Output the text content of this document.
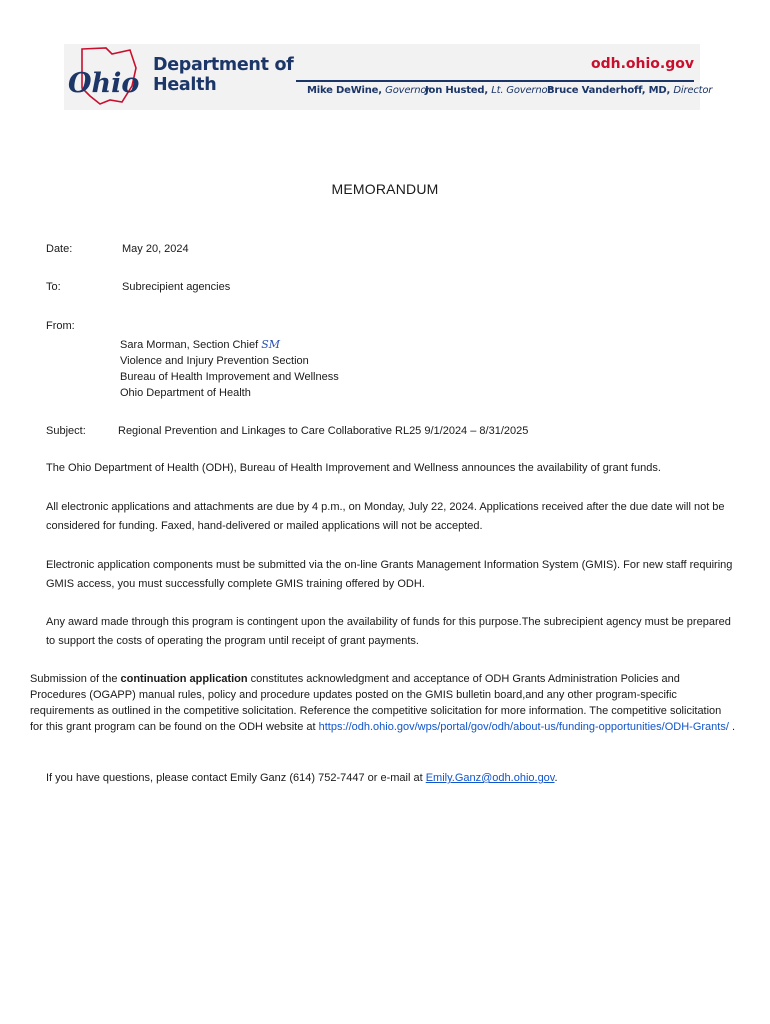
Ohio
Department of
Health
odh.ohio.gov
Mike DeWine, Governor
Jon Husted, Lt. Governor
Bruce Vanderhoff, MD, Director
MEMORANDUM
Date:	May 20, 2024
To:	Subrecipient agencies
From:
Sara Morman, Section Chief SM
Violence and Injury Prevention Section
Bureau of Health Improvement and Wellness
Ohio Department of Health
Subject:	Regional Prevention and Linkages to Care Collaborative RL25 9/1/2024 – 8/31/2025
The Ohio Department of Health (ODH), Bureau of Health Improvement and Wellness announces the availability of grant funds.
All electronic applications and attachments are due by 4 p.m., on Monday, July 22, 2024. Applications received after the due date will not be considered for funding. Faxed, hand-delivered or mailed applications will not be accepted.
Electronic application components must be submitted via the on-line Grants Management Information System (GMIS). For new staff requiring GMIS access, you must successfully complete GMIS training offered by ODH.
Any award made through this program is contingent upon the availability of funds for this purpose.The subrecipient agency must be prepared to support the costs of operating the program until receipt of grant payments.
Submission of the continuation application constitutes acknowledgment and acceptance of ODH Grants Administration Policies and Procedures (OGAPP) manual rules, policy and procedure updates posted on the GMIS bulletin board,and any other program-specific requirements as outlined in the competitive solicitation. Reference the competitive solicitation for more information. The competitive solicitation for this grant program can be found on the ODH website at https://odh.ohio.gov/wps/portal/gov/odh/about-us/funding-opportunities/ODH-Grants/ .
If you have questions, please contact Emily Ganz (614) 752-7447 or e-mail at Emily.Ganz@odh.ohio.gov.
